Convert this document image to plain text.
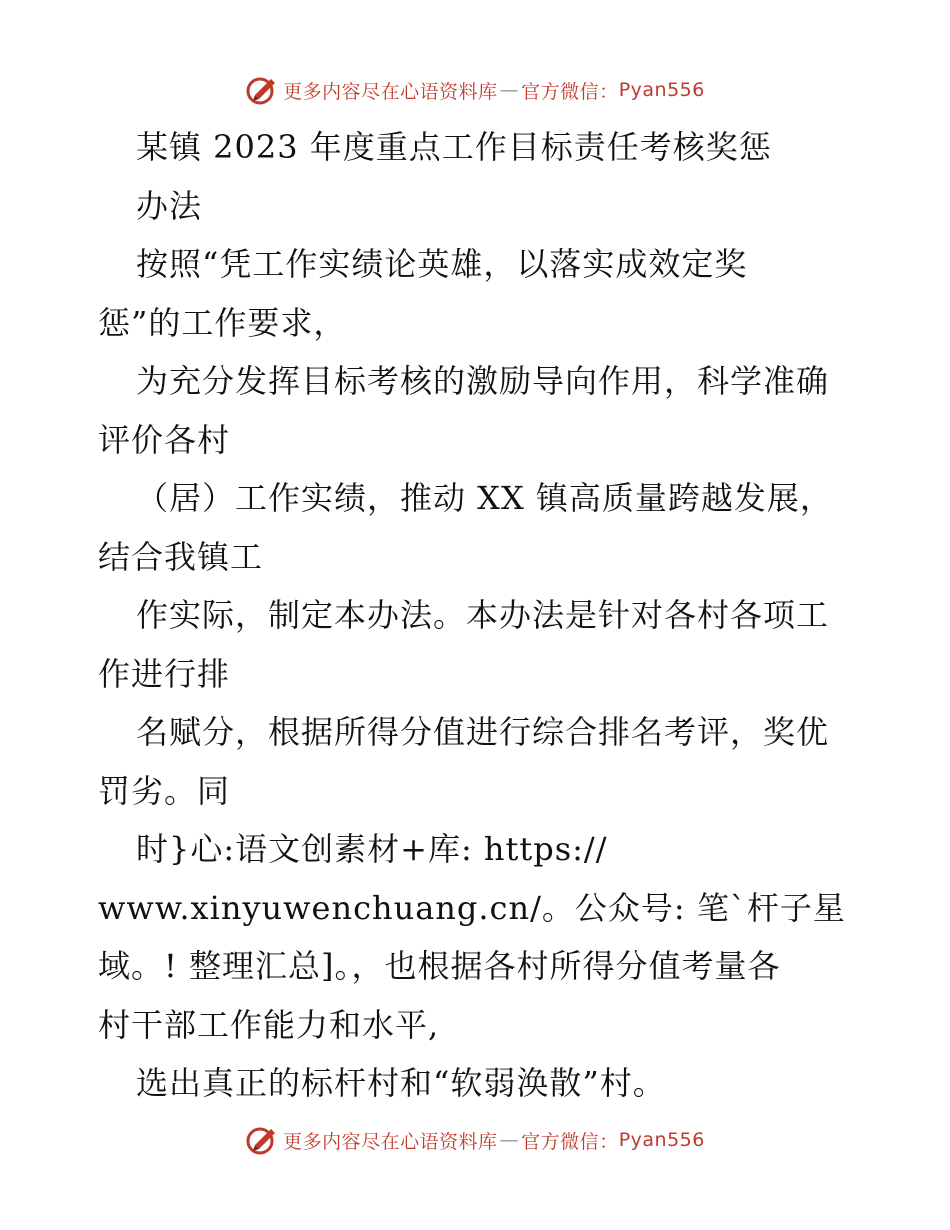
更多内容尽在心语资料库 — 官方微信： Pyan556
某镇 2023 年度重点工作目标责任考核奖惩
办法
按照“凭工作实绩论英雄，以落实成效定奖
惩”的工作要求，
为充分发挥目标考核的激励导向作用，科学准确
评价各村
（居）工作实绩，推动 XX 镇高质量跨越发展，
结合我镇工
作实际，制定本办法。本办法是针对各村各项工
作进行排
名赋分，根据所得分值进行综合排名考评，奖优
罚劣。同
时}心:语文创素材+库: https://
www.xinyuwenchuang.cn/。公众号: 笔`杆子星
域。! 整理汇总]。，也根据各村所得分值考量各
村干部工作能力和水平,
选出真正的标杆村和“软弱涣散”村。
更多内容尽在心语资料库 — 官方微信： Pyan556
